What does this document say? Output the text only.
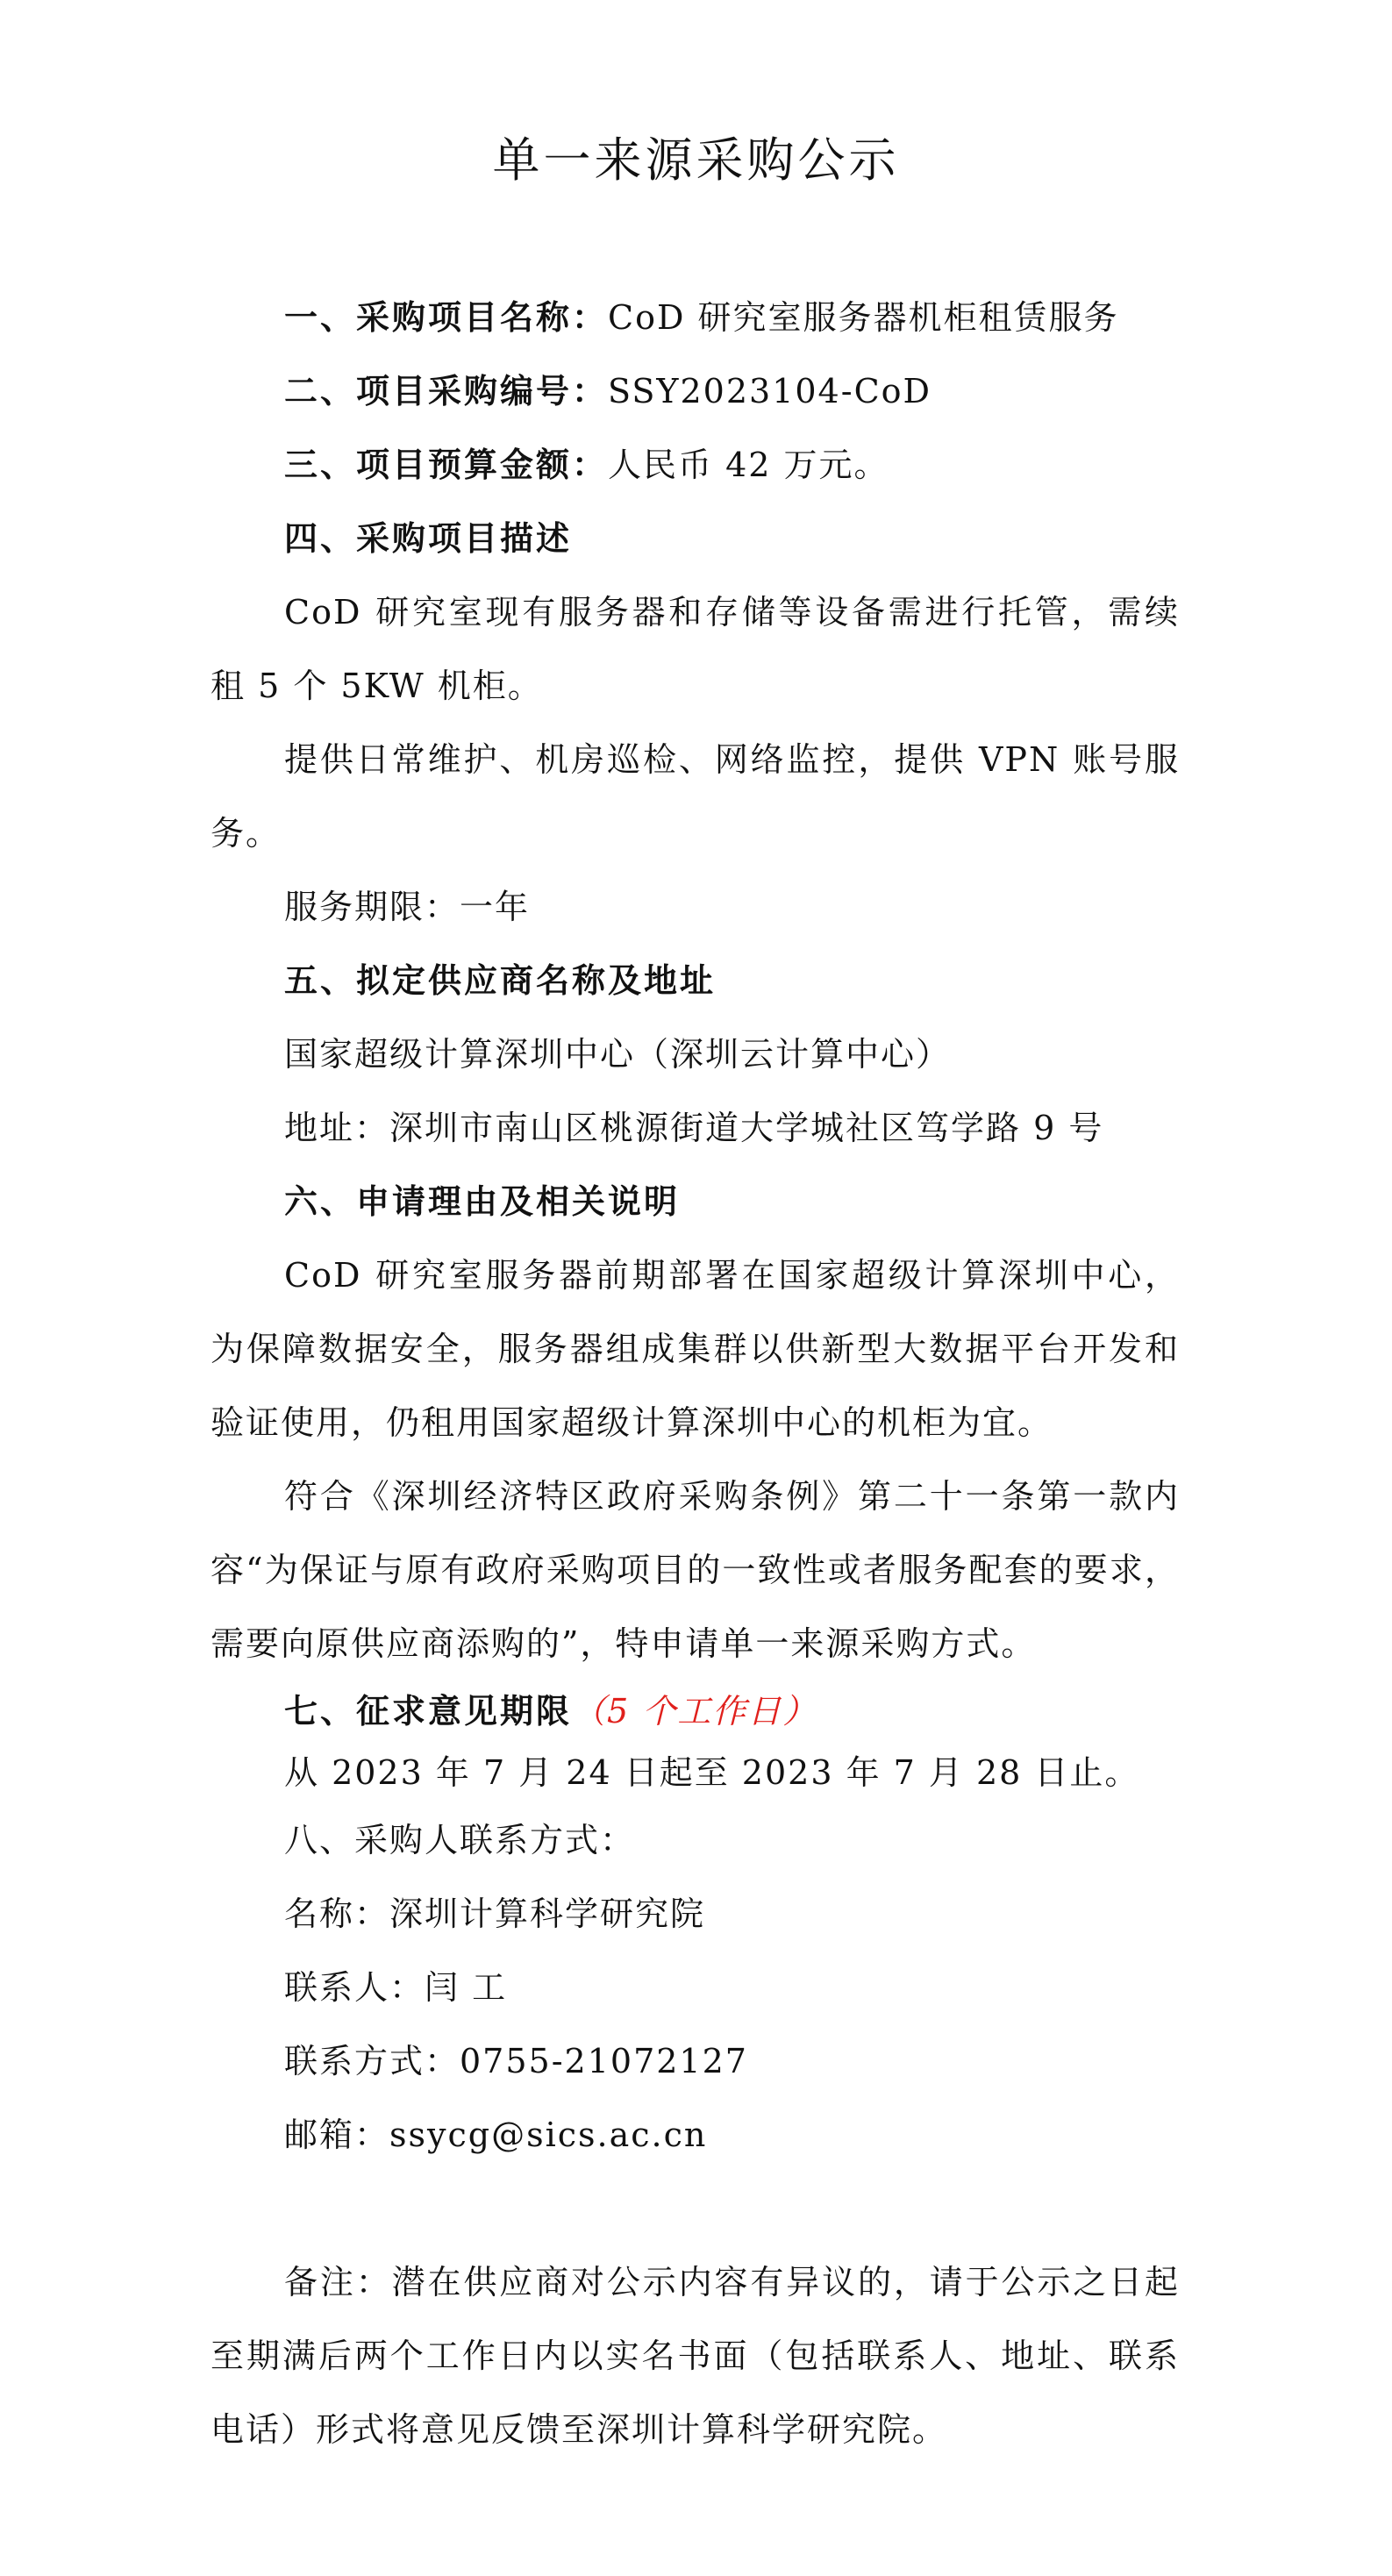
单一来源采购公示

一、采购项目名称：CoD 研究室服务器机柜租赁服务

二、项目采购编号：SSY2023104-CoD

三、项目预算金额：人民币 42 万元。

四、采购项目描述

CoD 研究室现有服务器和存储等设备需进行托管，需续租 5 个 5KW 机柜。

提供日常维护、机房巡检、网络监控，提供 VPN 账号服务。

服务期限：一年

五、拟定供应商名称及地址

国家超级计算深圳中心（深圳云计算中心）

地址：深圳市南山区桃源街道大学城社区笃学路 9 号

六、申请理由及相关说明

CoD 研究室服务器前期部署在国家超级计算深圳中心，为保障数据安全，服务器组成集群以供新型大数据平台开发和验证使用，仍租用国家超级计算深圳中心的机柜为宜。

符合《深圳经济特区政府采购条例》第二十一条第一款内容“为保证与原有政府采购项目的一致性或者服务配套的要求，需要向原供应商添购的”，特申请单一来源采购方式。

七、征求意见期限（5 个工作日）

从 2023 年 7 月 24 日起至 2023 年 7 月 28 日止。

八、采购人联系方式：

名称：深圳计算科学研究院

联系人：闫 工

联系方式：0755-21072127

邮箱：ssycg@sics.ac.cn

备注：潜在供应商对公示内容有异议的，请于公示之日起至期满后两个工作日内以实名书面（包括联系人、地址、联系电话）形式将意见反馈至深圳计算科学研究院。
